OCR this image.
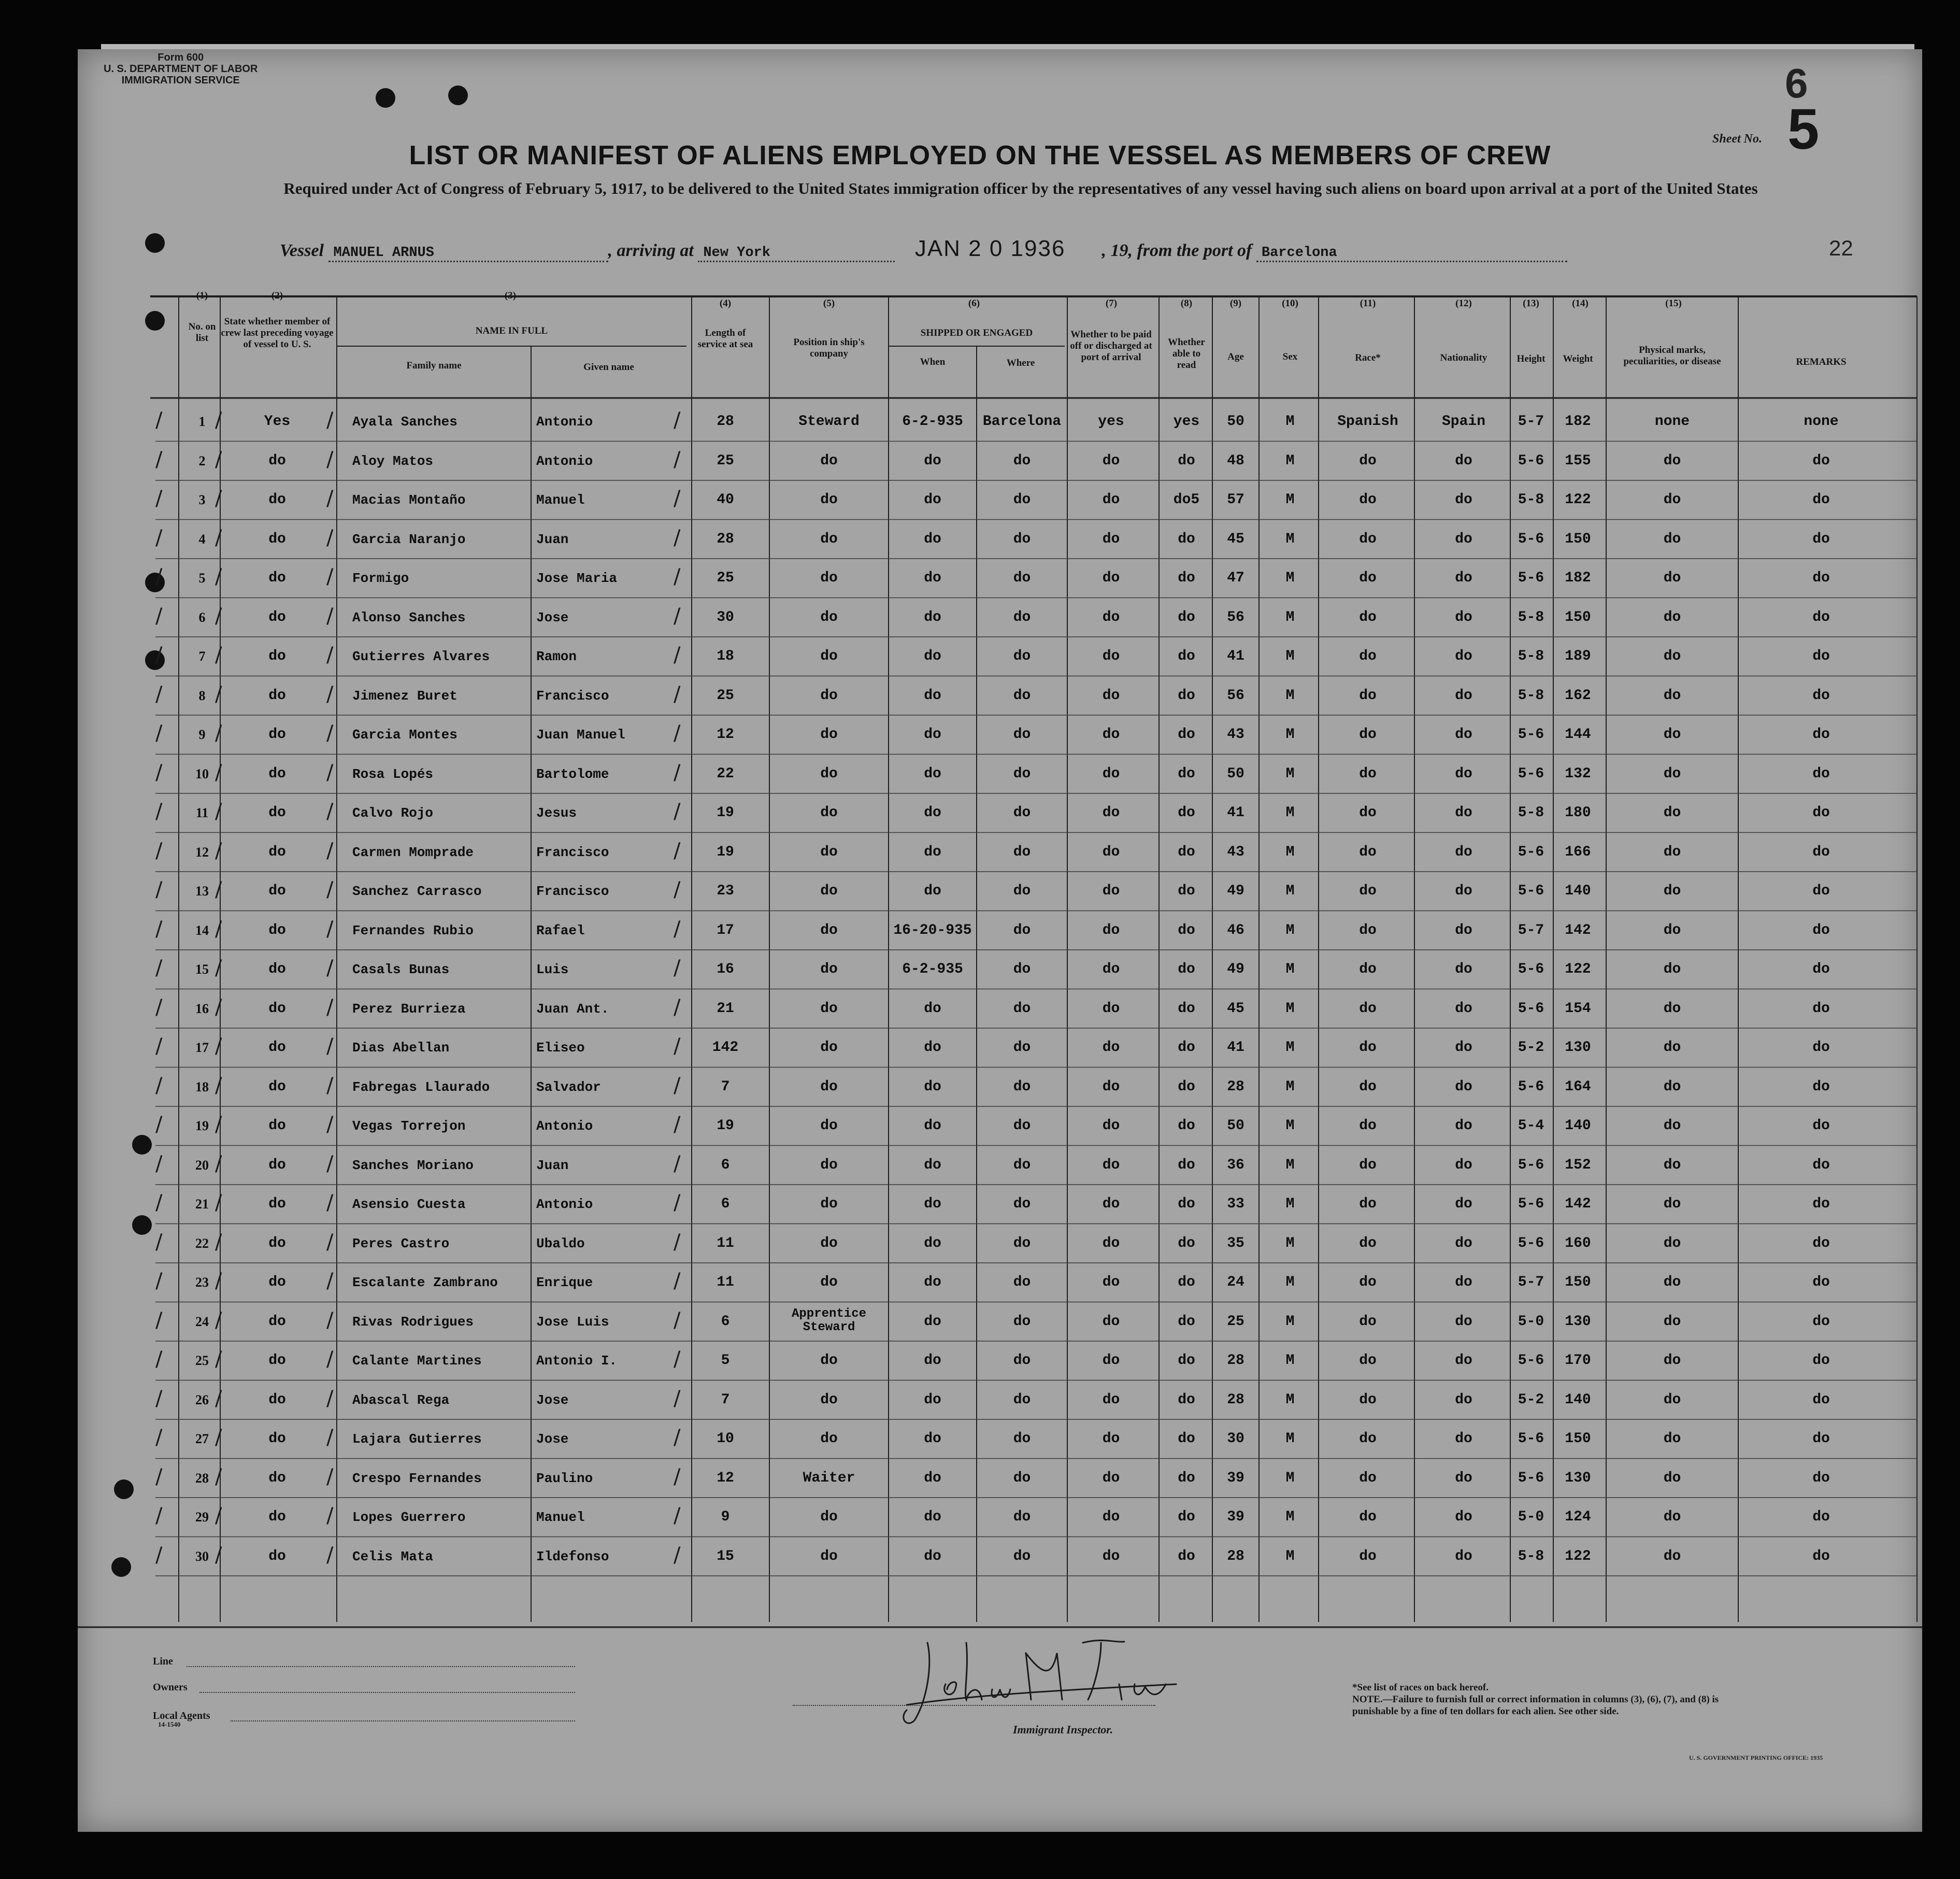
Form 600
U. S. DEPARTMENT OF LABOR
IMMIGRATION SERVICE	6
Sheet No. 5
LIST OR MANIFEST OF ALIENS EMPLOYED ON THE VESSEL AS MEMBERS OF CREW
Required under Act of Congress of February 5, 1917, to be delivered to the United States immigration officer by the representatives of any vessel having such aliens on board upon arrival at a port of the United States
Vessel MANUEL ARNUS	, arriving at New York	JAN 2 0 1936 , 19, from the port of Barcelona	22
(1)	(2)	(3)
(4)	(5)	(6)	(7)	(8)	(9)	(10)	(11)	(12)	(13)	(14)	(15)
No. on list
State whether member of crew last preceding voyage of vessel to U. S.
NAME IN FULL
Family name	Given name
Length of service at sea	Position in ship's company
SHIPPED OR ENGAGED
When	Where
Whether to be paid off or discharged at port of arrival
Whether able to read
Age	Sex	Race*	Nationality	Height	Weight
Physical marks, peculiarities, or disease	REMARKS
1	Yes	Ayala Sanches	Antonio	28	Steward	6-2-935	Barcelona	yes	yes	50	M	Spanish	Spain	5-7	182	none	none
/	/	/	/
2	do	Aloy Matos	Antonio	25	do	do	do	do	do	48	M	do	do	5-6	155	do	do
/	/	/	/
3	do	Macias Montaño	Manuel	40	do	do	do	do	do5	57	M	do	do	5-8	122	do	do
/	/	/	/
4	do	Garcia Naranjo	Juan	28	do	do	do	do	do	45	M	do	do	5-6	150	do	do
/	/	/	/
5	do	Formigo	Jose Maria	25	do	do	do	do	do	47	M	do	do	5-6	182	do	do
/	/	/	/
6	do	Alonso Sanches	Jose	30	do	do	do	do	do	56	M	do	do	5-8	150	do	do
/	/	/	/
7	do	Gutierres Alvares	Ramon	18	do	do	do	do	do	41	M	do	do	5-8	189	do	do
/	/	/	/
8	do	Jimenez Buret	Francisco	25	do	do	do	do	do	56	M	do	do	5-8	162	do	do
/	/	/	/
9	do	Garcia Montes	Juan Manuel	12	do	do	do	do	do	43	M	do	do	5-6	144	do	do
/	/	/	/
10	do	Rosa Lopés	Bartolome	22	do	do	do	do	do	50	M	do	do	5-6	132	do	do
/	/	/	/
11	do	Calvo Rojo	Jesus	19	do	do	do	do	do	41	M	do	do	5-8	180	do	do
/	/	/	/
12	do	Carmen Momprade	Francisco	19	do	do	do	do	do	43	M	do	do	5-6	166	do	do
/	/	/	/
13	do	Sanchez Carrasco	Francisco	23	do	do	do	do	do	49	M	do	do	5-6	140	do	do
/	/	/	/
14	do	Fernandes Rubio	Rafael	17	do	16-20-935	do	do	do	46	M	do	do	5-7	142	do	do
/	/	/	/
15	do	Casals Bunas	Luis	16	do	6-2-935	do	do	do	49	M	do	do	5-6	122	do	do
/	/	/	/
16	do	Perez Burrieza	Juan Ant.	21	do	do	do	do	do	45	M	do	do	5-6	154	do	do
/	/	/	/
17	do	Dias Abellan	Eliseo	142	do	do	do	do	do	41	M	do	do	5-2	130	do	do
/	/	/	/
18	do	Fabregas Llaurado	Salvador	7	do	do	do	do	do	28	M	do	do	5-6	164	do	do
/	/	/	/
19	do	Vegas Torrejon	Antonio	19	do	do	do	do	do	50	M	do	do	5-4	140	do	do
/	/	/	/
20	do	Sanches Moriano	Juan	6	do	do	do	do	do	36	M	do	do	5-6	152	do	do
/	/	/	/
21	do	Asensio Cuesta	Antonio	6	do	do	do	do	do	33	M	do	do	5-6	142	do	do
/	/	/	/
22	do	Peres Castro	Ubaldo	11	do	do	do	do	do	35	M	do	do	5-6	160	do	do
/	/	/	/
23	do	Escalante Zambrano	Enrique	11	do	do	do	do	do	24	M	do	do	5-7	150	do	do
/	/	/	/
24	do	Rivas Rodrigues	Jose Luis	6	Apprentice Steward	do	do	do	do	25	M	do	do	5-0	130	do	do
/	/	/	/
25	do	Calante Martines	Antonio I.	5	do	do	do	do	do	28	M	do	do	5-6	170	do	do
/	/	/	/
26	do	Abascal Rega	Jose	7	do	do	do	do	do	28	M	do	do	5-2	140	do	do
/	/	/	/
27	do	Lajara Gutierres	Jose	10	do	do	do	do	do	30	M	do	do	5-6	150	do	do
/	/	/	/
28	do	Crespo Fernandes	Paulino	12	Waiter	do	do	do	do	39	M	do	do	5-6	130	do	do
/	/	/	/
29	do	Lopes Guerrero	Manuel	9	do	do	do	do	do	39	M	do	do	5-0	124	do	do
/	/	/	/
30	do	Celis Mata	Ildefonso	15	do	do	do	do	do	28	M	do	do	5-8	122	do	do
/	/	/	/
Line
Owners
Local Agents
14-1540	Immigrant Inspector.
*See list of races on back hereof.
NOTE.—Failure to furnish full or correct information in columns (3), (6), (7), and (8) is punishable by a fine of ten dollars for each alien. See other side.
U. S. GOVERNMENT PRINTING OFFICE: 1935
